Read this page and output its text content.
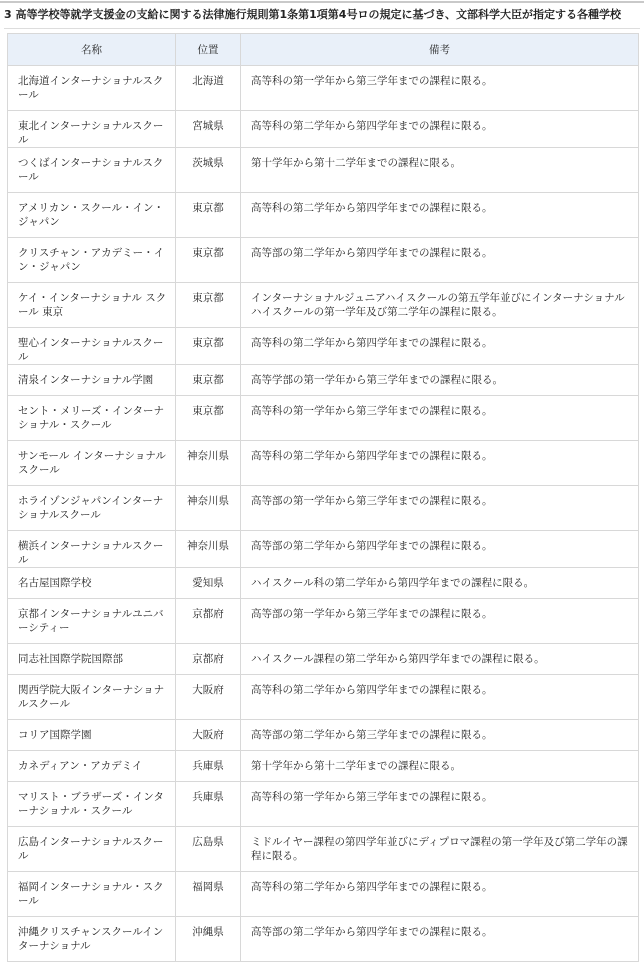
3 高等学校等就学支援金の支給に関する法律施行規則第1条第1項第4号ロの規定に基づき、文部科学大臣が指定する各種学校
名称	位置	備考
北海道インターナショナルスクール	北海道	高等科の第一学年から第三学年までの課程に限る。
東北インターナショナルスクール	宮城県	高等科の第二学年から第四学年までの課程に限る。
つくばインターナショナルスクール	茨城県	第十学年から第十二学年までの課程に限る。
アメリカン・スクール・イン・ジャパン	東京都	高等科の第二学年から第四学年までの課程に限る。
クリスチャン・アカデミー・イン・ジャパン	東京都	高等部の第二学年から第四学年までの課程に限る。
ケイ・インターナショナル スクール 東京	東京都	インターナショナルジュニアハイスクールの第五学年並びにインターナショナルハイスクールの第一学年及び第二学年の課程に限る。
聖心インターナショナルスクール	東京都	高等科の第二学年から第四学年までの課程に限る。
清泉インターナショナル学園	東京都	高等学部の第一学年から第三学年までの課程に限る。
セント・メリーズ・インターナショナル・スクール	東京都	高等科の第一学年から第三学年までの課程に限る。
サンモール インターナショナルスクール	神奈川県	高等科の第二学年から第四学年までの課程に限る。
ホライゾンジャパンインターナショナルスクール	神奈川県	高等部の第一学年から第三学年までの課程に限る。
横浜インターナショナルスクール	神奈川県	高等部の第二学年から第四学年までの課程に限る。
名古屋国際学校	愛知県	ハイスクール科の第二学年から第四学年までの課程に限る。
京都インターナショナルユニバーシティー	京都府	高等部の第一学年から第三学年までの課程に限る。
同志社国際学院国際部	京都府	ハイスクール課程の第二学年から第四学年までの課程に限る。
関西学院大阪インターナショナルスクール	大阪府	高等科の第二学年から第四学年までの課程に限る。
コリア国際学園	大阪府	高等部の第二学年から第三学年までの課程に限る。
カネディアン・アカデミイ	兵庫県	第十学年から第十二学年までの課程に限る。
マリスト・ブラザーズ・インターナショナル・スクール	兵庫県	高等科の第一学年から第三学年までの課程に限る。
広島インターナショナルスクール	広島県	ミドルイヤー課程の第四学年並びにディプロマ課程の第一学年及び第二学年の課程に限る。
福岡インターナショナル・スクール	福岡県	高等科の第二学年から第四学年までの課程に限る。
沖縄クリスチャンスクールインターナショナル	沖縄県	高等部の第二学年から第四学年までの課程に限る。
